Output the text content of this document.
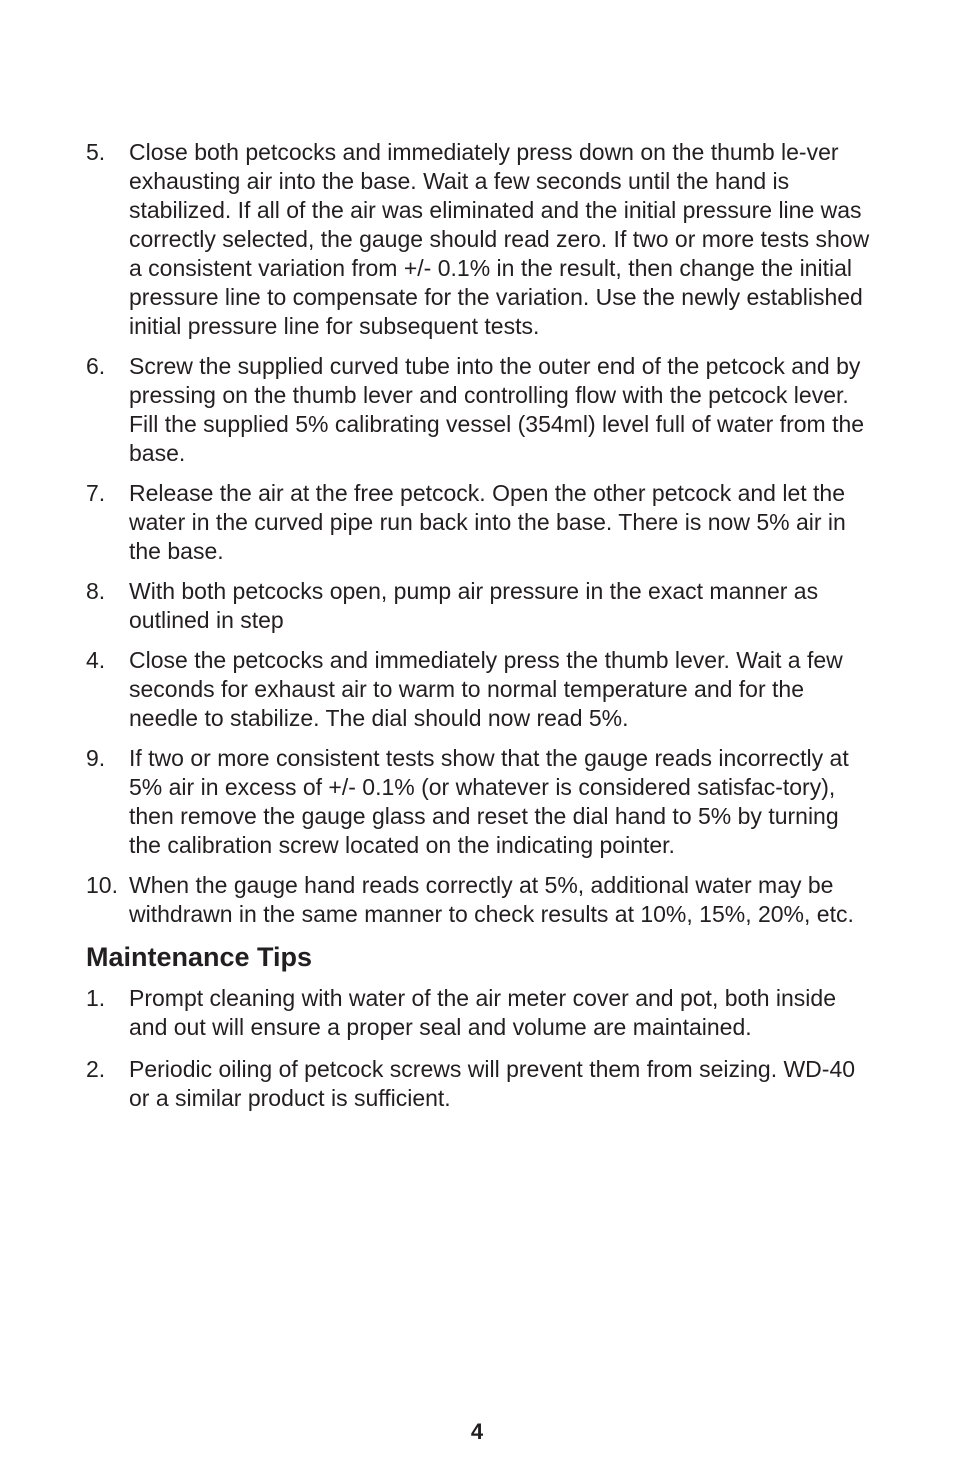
5.	Close both petcocks and immediately press down on the thumb le-ver exhausting air into the base. Wait a few seconds until the hand is stabilized. If all of the air was eliminated and the initial pressure line was correctly selected, the gauge should read zero. If two or more tests show a consistent variation from +/- 0.1% in the result, then change the initial pressure line to compensate for the variation. Use the newly established initial pressure line for subsequent tests.
6.	Screw the supplied curved tube into the outer end of the petcock and by pressing on the thumb lever and controlling flow with the petcock lever. Fill the supplied 5% calibrating vessel (354ml) level full of water from the base.
7.	Release the air at the free petcock. Open the other petcock and let the water in the curved pipe run back into the base. There is now 5% air in the base.
8.	With both petcocks open, pump air pressure in the exact manner as outlined in step
4.	Close the petcocks and immediately press the thumb lever. Wait a few seconds for exhaust air to warm to normal temperature and for the needle to stabilize. The dial should now read 5%.
9.	If two or more consistent tests show that the gauge reads incorrectly at 5% air in excess of +/- 0.1% (or whatever is considered satisfac-tory), then remove the gauge glass and reset the dial hand to 5% by turning the calibration screw located on the indicating pointer.
10. When the gauge hand reads correctly at 5%, additional water may be withdrawn in the same manner to check results at 10%, 15%, 20%, etc.
Maintenance Tips
1.	Prompt cleaning with water of the air meter cover and pot, both inside and out will ensure a proper seal and volume are maintained.
2.	Periodic oiling of petcock screws will prevent them from seizing. WD-40 or a similar product is sufficient.
4
